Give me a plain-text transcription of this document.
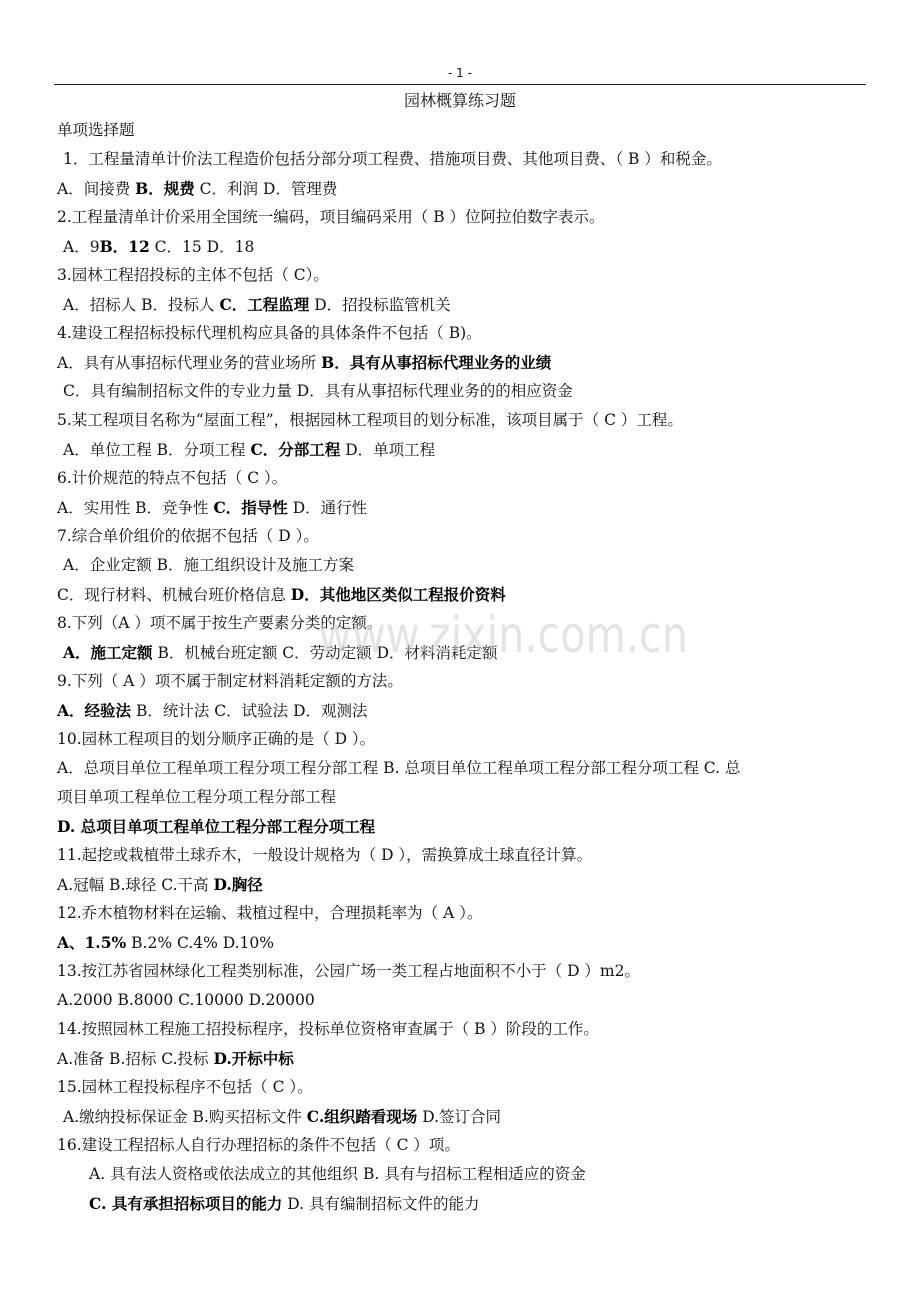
- 1 -
园林概算练习题
单项选择题
1．工程量清单计价法工程造价包括分部分项工程费、措施项目费、其他项目费、（ B ）和税金。
A．间接费 B．规费 C．利润 D．管理费
2.工程量清单计价采用全国统一编码，项目编码采用（ B ）位阿拉伯数字表示。
A．9B．12 C．15 D．18
3.园林工程招投标的主体不包括（ C）。
A．招标人 B．投标人 C．工程监理 D．招投标监管机关
4.建设工程招标投标代理机构应具备的具体条件不包括（ B)。
A．具有从事招标代理业务的营业场所 B．具有从事招标代理业务的业绩
C．具有编制招标文件的专业力量 D．具有从事招标代理业务的的相应资金
5.某工程项目名称为“屋面工程”，根据园林工程项目的划分标准，该项目属于（ C ）工程。
A．单位工程 B．分项工程 C．分部工程 D．单项工程
6.计价规范的特点不包括（ C ）。
A．实用性 B．竞争性 C．指导性 D．通行性
7.综合单价组价的依据不包括（ D ）。
A．企业定额 B．施工组织设计及施工方案
C．现行材料、机械台班价格信息 D．其他地区类似工程报价资料
8.下列（A ）项不属于按生产要素分类的定额。
A．施工定额 B．机械台班定额 C．劳动定额 D．材料消耗定额
9.下列（ A ）项不属于制定材料消耗定额的方法。
A．经验法 B．统计法 C．试验法 D．观测法
10.园林工程项目的划分顺序正确的是（ D ）。
A．总项目单位工程单项工程分项工程分部工程 B. 总项目单位工程单项工程分部工程分项工程 C. 总
项目单项工程单位工程分项工程分部工程
D. 总项目单项工程单位工程分部工程分项工程
11.起挖或栽植带土球乔木，一般设计规格为（ D ），需换算成土球直径计算。
A.冠幅 B.球径 C.干高 D.胸径
12.乔木植物材料在运输、栽植过程中，合理损耗率为（ A ）。
A、1.5% B.2% C.4% D.10%
13.按江苏省园林绿化工程类别标准，公园广场一类工程占地面积不小于（ D ）m2。
A.2000 B.8000 C.10000 D.20000
14.按照园林工程施工招投标程序，投标单位资格审查属于（ B ）阶段的工作。
A.准备 B.招标 C.投标 D.开标中标
15.园林工程投标程序不包括（ C ）。
A.缴纳投标保证金 B.购买招标文件 C.组织踏看现场 D.签订合同
16.建设工程招标人自行办理招标的条件不包括（ C ）项。
A. 具有法人资格或依法成立的其他组织 B. 具有与招标工程相适应的资金
C. 具有承担招标项目的能力 D. 具有编制招标文件的能力
www.zixin.com.cn
